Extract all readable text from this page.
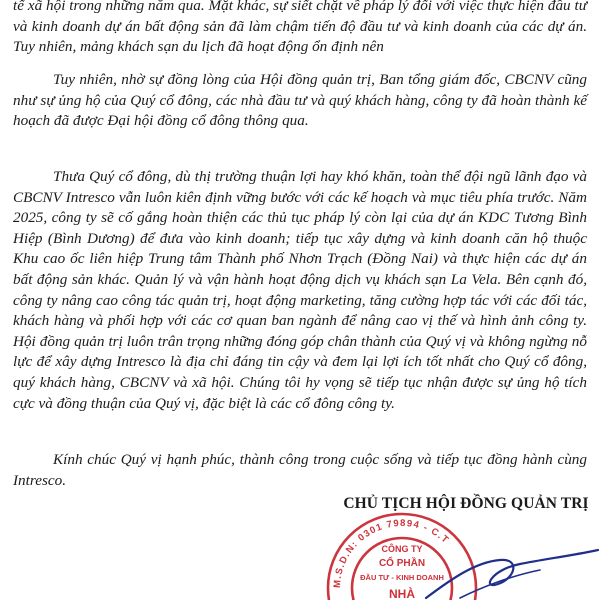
tế xã hội trong những năm qua. Mặt khác, sự siết chặt về pháp lý đối với việc thực hiện đầu tư và kinh doanh dự án bất động sản đã làm chậm tiến độ đầu tư và kinh doanh của các dự án. Tuy nhiên, mảng khách sạn du lịch đã hoạt động ổn định nên

Tuy nhiên, nhờ sự đồng lòng của Hội đồng quản trị, Ban tổng giám đốc, CBCNV cũng như sự ủng hộ của Quý cổ đông, các nhà đầu tư và quý khách hàng, công ty đã hoàn thành kế hoạch đã được Đại hội đồng cổ đông thông qua.

Thưa Quý cổ đông, dù thị trường thuận lợi hay khó khăn, toàn thể đội ngũ lãnh đạo và CBCNV Intresco vẫn luôn kiên định vững bước với các kế hoạch và mục tiêu phía trước. Năm 2025, công ty sẽ cố gắng hoàn thiện các thủ tục pháp lý còn lại của dự án KDC Tương Bình Hiệp (Bình Dương) để đưa vào kinh doanh; tiếp tục xây dựng và kinh doanh căn hộ thuộc Khu cao ốc liên hiệp Trung tâm Thành phố Nhơn Trạch (Đồng Nai) và thực hiện các dự án bất động sản khác. Quản lý và vận hành hoạt động dịch vụ khách sạn La Vela. Bên cạnh đó, công ty nâng cao công tác quản trị, hoạt động marketing, tăng cường hợp tác với các đối tác, khách hàng và phối hợp với các cơ quan ban ngành để nâng cao vị thế và hình ảnh công ty. Hội đồng quản trị luôn trân trọng những đóng góp chân thành của Quý vị và không ngừng nỗ lực để xây dựng Intresco là địa chỉ đáng tin cậy và đem lại lợi ích tốt nhất cho Quý cổ đông, quý khách hàng, CBCNV và xã hội. Chúng tôi hy vọng sẽ tiếp tục nhận được sự ủng hộ tích cực và đồng thuận của Quý vị, đặc biệt là các cổ đông công ty.

Kính chúc Quý vị hạnh phúc, thành công trong cuộc sống và tiếp tục đồng hành cùng Intresco.

M.S.D.N: 0301 79894 - C.T
CÔNG TY
CỔ PHẦN
ĐẦU TƯ - KINH DOANH
NHÀ

CHỦ TỊCH HỘI ĐỒNG QUẢN TRỊ
